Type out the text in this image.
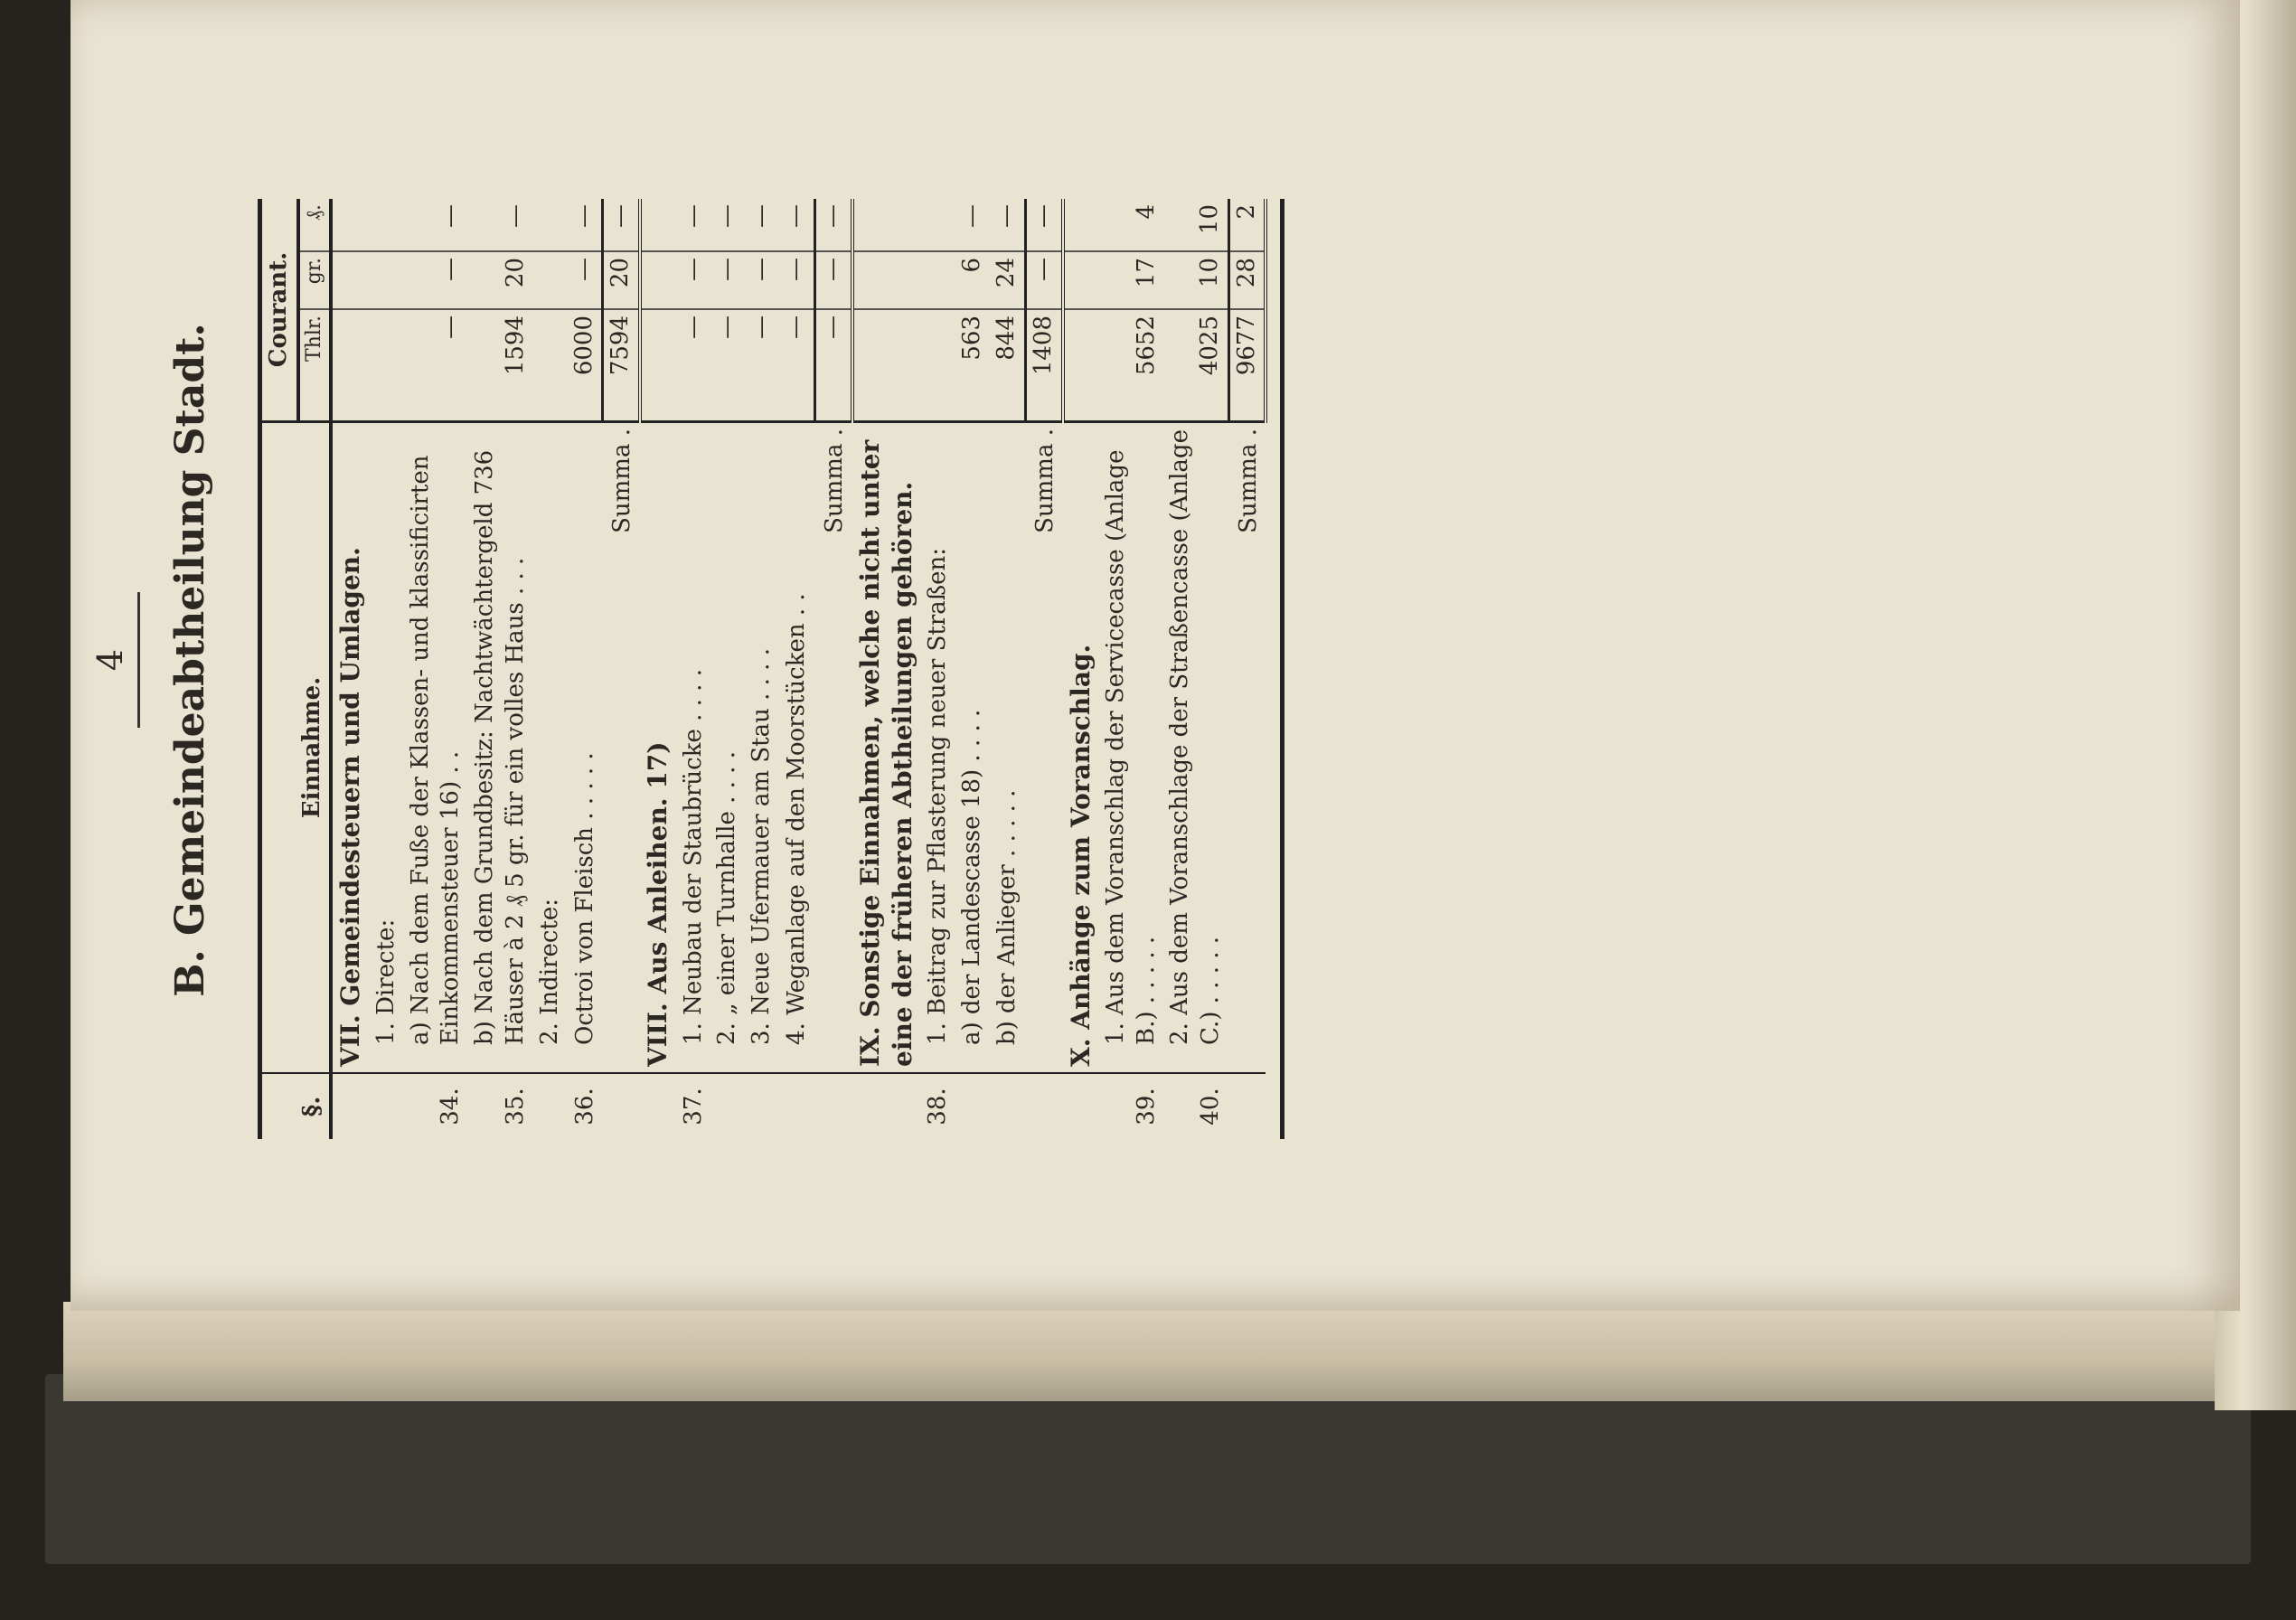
4 B. Gemeindeabtheilung Stadt.
§.	Einnahme.	Courant.		
		Thlr.	gr.	₰.
	VII. Gemeindesteuern und Umlagen.			
	1. Directe:			
34.	a) Nach dem Fuße der Klassen- und klassificirten Einkommensteuer 16) . .	—	—	—
35.	b) Nach dem Grundbesitz: Nachtwächtergeld 736 Häuser à 2 ₰ 5 gr. für ein volles Haus . . .	1594	20	—
	2. Indirecte:			
36.	Octroi von Fleisch . . . . .	6000	—	—
	Summa .	7594	20	—
	VIII. Aus Anleihen. 17)			
37.	1. Neubau der Staubrücke . . . .	—	—	—
	2. „ einer Turnhalle . . . .	—	—	—
	3. Neue Ufermauer am Stau . . . .	—	—	—
	4. Weganlage auf den Moorstücken . .	—	—	—
	Summa .	—	—	—
	IX. Sonstige Einnahmen, welche nicht unter eine der früheren Abtheilungen gehören.			
38.	1. Beitrag zur Pflasterung neuer Straßen:			
	a) der Landescasse 18) . . . .	563	6	—
	b) der Anlieger . . . . .	844	24	—
	Summa .	1408	—	—
	X. Anhänge zum Voranschlag.			
39.	1. Aus dem Voranschlag der Servicecasse (Anlage B.) . . . . .	5652	17	4
40.	2. Aus dem Voranschlage der Straßencasse (Anlage C.) . . . . .	4025	10	10
	Summa .	9677	28	2
